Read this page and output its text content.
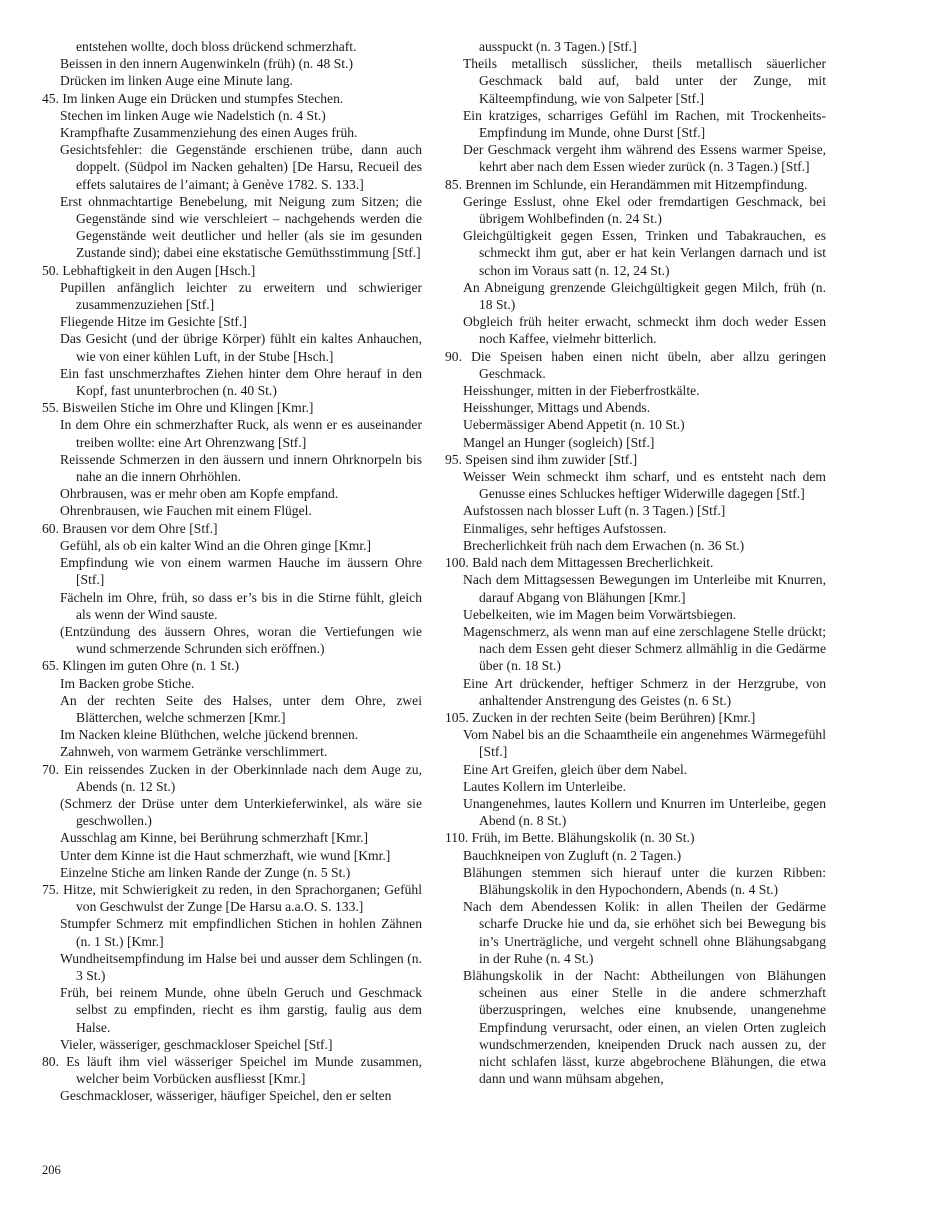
entstehen wollte, doch bloss drückend schmerzhaft.
Beissen in den innern Augenwinkeln (früh) (n. 48 St.)
Drücken im linken Auge eine Minute lang.
45. Im linken Auge ein Drücken und stumpfes Stechen.
Stechen im linken Auge wie Nadelstich (n. 4 St.)
Krampfhafte Zusammenziehung des einen Auges früh.
Gesichtsfehler: die Gegenstände erschienen trübe, dann auch doppelt. (Südpol im Nacken gehalten) [De Harsu, Recueil des effets salutaires de l’aimant; à Genève 1782. S. 133.]
Erst ohnmachtartige Benebelung, mit Neigung zum Sitzen; die Gegenstände sind wie verschleiert – nachgehends werden die Gegenstände weit deutlicher und heller (als sie im gesunden Zustande sind); dabei eine ekstatische Gemüthsstimmung [Stf.]
50. Lebhaftigkeit in den Augen [Hsch.]
Pupillen anfänglich leichter zu erweitern und schwieriger zusammenzuziehen [Stf.]
Fliegende Hitze im Gesichte [Stf.]
Das Gesicht (und der übrige Körper) fühlt ein kaltes Anhauchen, wie von einer kühlen Luft, in der Stube [Hsch.]
Ein fast unschmerzhaftes Ziehen hinter dem Ohre herauf in den Kopf, fast ununterbrochen (n. 40 St.)
55. Bisweilen Stiche im Ohre und Klingen [Kmr.]
In dem Ohre ein schmerzhafter Ruck, als wenn er es auseinander treiben wollte: eine Art Ohrenzwang [Stf.]
Reissende Schmerzen in den äussern und innern Ohrknorpeln bis nahe an die innern Ohrhöhlen.
Ohrbrausen, was er mehr oben am Kopfe empfand.
Ohrenbrausen, wie Fauchen mit einem Flügel.
60. Brausen vor dem Ohre [Stf.]
Gefühl, als ob ein kalter Wind an die Ohren ginge [Kmr.]
Empfindung wie von einem warmen Hauche im äussern Ohre [Stf.]
Fächeln im Ohre, früh, so dass er’s bis in die Stirne fühlt, gleich als wenn der Wind sauste.
(Entzündung des äussern Ohres, woran die Vertiefungen wie wund schmerzende Schrunden sich eröffnen.)
65. Klingen im guten Ohre (n. 1 St.)
Im Backen grobe Stiche.
An der rechten Seite des Halses, unter dem Ohre, zwei Blätterchen, welche schmerzen [Kmr.]
Im Nacken kleine Blüthchen, welche jückend brennen.
Zahnweh, von warmem Getränke verschlimmert.
70. Ein reissendes Zucken in der Oberkinnlade nach dem Auge zu, Abends (n. 12 St.)
(Schmerz der Drüse unter dem Unterkieferwinkel, als wäre sie geschwollen.)
Ausschlag am Kinne, bei Berührung schmerzhaft [Kmr.]
Unter dem Kinne ist die Haut schmerzhaft, wie wund [Kmr.]
Einzelne Stiche am linken Rande der Zunge (n. 5 St.)
75. Hitze, mit Schwierigkeit zu reden, in den Sprachorganen; Gefühl von Geschwulst der Zunge [De Harsu a.a.O. S. 133.]
Stumpfer Schmerz mit empfindlichen Stichen in hohlen Zähnen (n. 1 St.) [Kmr.]
Wundheitsempfindung im Halse bei und ausser dem Schlingen (n. 3 St.)
Früh, bei reinem Munde, ohne übeln Geruch und Geschmack selbst zu empfinden, riecht es ihm garstig, faulig aus dem Halse.
Vieler, wässeriger, geschmackloser Speichel [Stf.]
80. Es läuft ihm viel wässeriger Speichel im Munde zusammen, welcher beim Vorbücken ausfliesst [Kmr.]
Geschmackloser, wässeriger, häufiger Speichel, den er selten
ausspuckt (n. 3 Tagen.) [Stf.]
Theils metallisch süsslicher, theils metallisch säuerlicher Geschmack bald auf, bald unter der Zunge, mit Kälteempfindung, wie von Salpeter [Stf.]
Ein kratziges, scharriges Gefühl im Rachen, mit Trockenheits-Empfindung im Munde, ohne Durst [Stf.]
Der Geschmack vergeht ihm während des Essens warmer Speise, kehrt aber nach dem Essen wieder zurück (n. 3 Tagen.) [Stf.]
85. Brennen im Schlunde, ein Herandämmen mit Hitzempfindung.
Geringe Esslust, ohne Ekel oder fremdartigen Geschmack, bei übrigem Wohlbefinden (n. 24 St.)
Gleichgültigkeit gegen Essen, Trinken und Tabakrauchen, es schmeckt ihm gut, aber er hat kein Verlangen darnach und ist schon im Voraus satt (n. 12, 24 St.)
An Abneigung grenzende Gleichgültigkeit gegen Milch, früh (n. 18 St.)
Obgleich früh heiter erwacht, schmeckt ihm doch weder Essen noch Kaffee, vielmehr bitterlich.
90. Die Speisen haben einen nicht übeln, aber allzu geringen Geschmack.
Heisshunger, mitten in der Fieberfrostkälte.
Heisshunger, Mittags und Abends.
Uebermässiger Abend Appetit (n. 10 St.)
Mangel an Hunger (sogleich) [Stf.]
95. Speisen sind ihm zuwider [Stf.]
Weisser Wein schmeckt ihm scharf, und es entsteht nach dem Genusse eines Schluckes heftiger Widerwille dagegen [Stf.]
Aufstossen nach blosser Luft (n. 3 Tagen.) [Stf.]
Einmaliges, sehr heftiges Aufstossen.
Brecherlichkeit früh nach dem Erwachen (n. 36 St.)
100. Bald nach dem Mittagessen Brecherlichkeit.
Nach dem Mittagsessen Bewegungen im Unterleibe mit Knurren, darauf Abgang von Blähungen [Kmr.]
Uebelkeiten, wie im Magen beim Vorwärtsbiegen.
Magenschmerz, als wenn man auf eine zerschlagene Stelle drückt; nach dem Essen geht dieser Schmerz allmählig in die Gedärme über (n. 18 St.)
Eine Art drückender, heftiger Schmerz in der Herzgrube, von anhaltender Anstrengung des Geistes (n. 6 St.)
105. Zucken in der rechten Seite (beim Berühren) [Kmr.]
Vom Nabel bis an die Schaamtheile ein angenehmes Wärmegefühl [Stf.]
Eine Art Greifen, gleich über dem Nabel.
Lautes Kollern im Unterleibe.
Unangenehmes, lautes Kollern und Knurren im Unterleibe, gegen Abend (n. 8 St.)
110. Früh, im Bette. Blähungskolik (n. 30 St.)
Bauchkneipen von Zugluft (n. 2 Tagen.)
Blähungen stemmen sich hierauf unter die kurzen Ribben: Blähungskolik in den Hypochondern, Abends (n. 4 St.)
Nach dem Abendessen Kolik: in allen Theilen der Gedärme scharfe Drucke hie und da, sie erhöhet sich bei Bewegung bis in’s Unerträgliche, und vergeht schnell ohne Blähungsabgang in der Ruhe (n. 4 St.)
Blähungskolik in der Nacht: Abtheilungen von Blähungen scheinen aus einer Stelle in die andere schmerzhaft überzuspringen, welches eine knubsende, unangenehme Empfindung verursacht, oder einen, an vielen Orten zugleich wundschmerzenden, kneipenden Druck nach aussen zu, der nicht schlafen lässt, kurze abgebrochene Blähungen, die etwa dann und wann mühsam abgehen,
206
